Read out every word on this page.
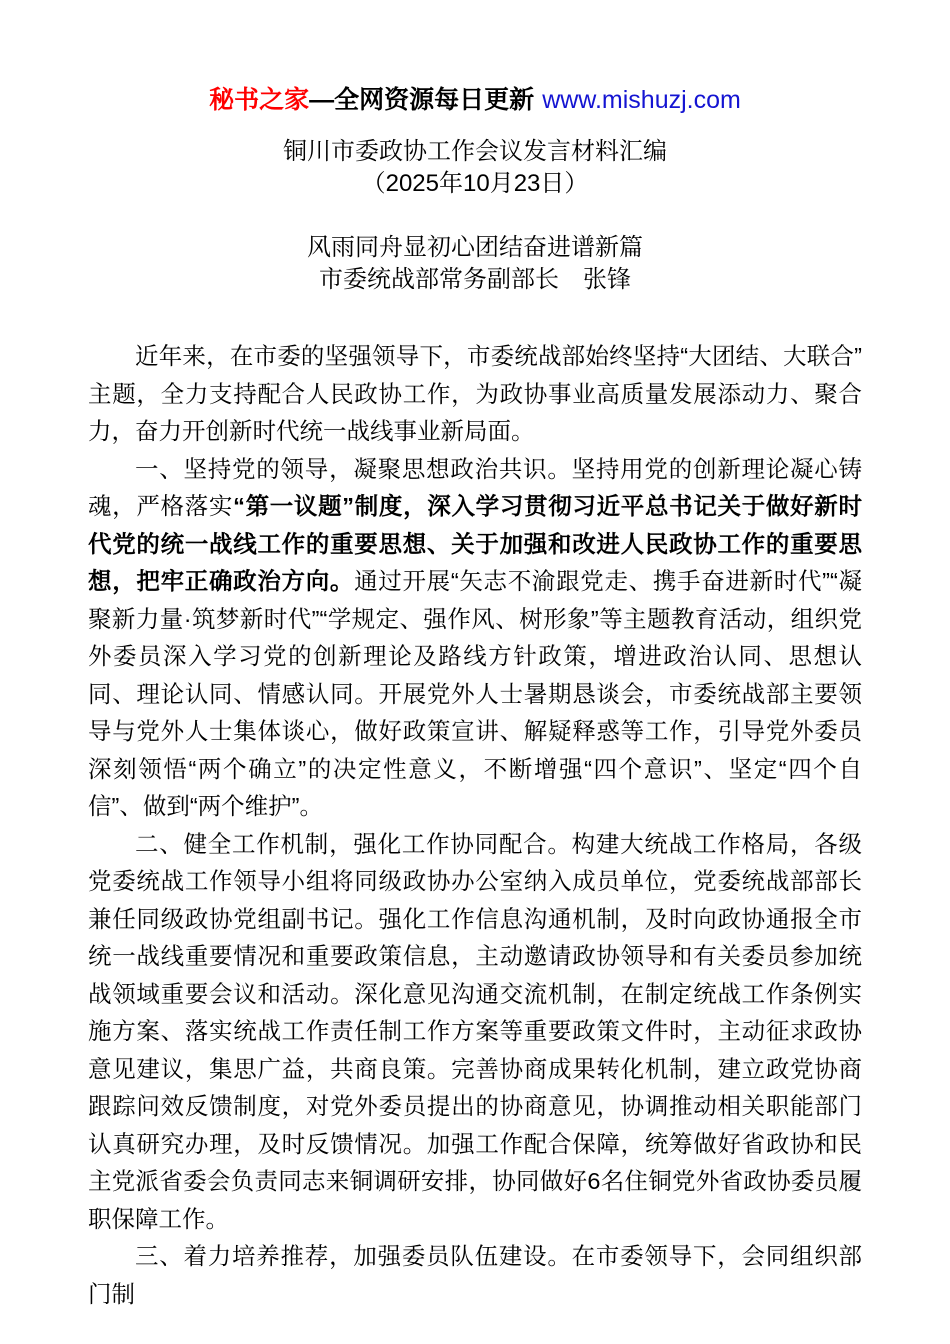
秘书之家—全网资源每日更新 www.mishuzj.com
铜川市委政协工作会议发言材料汇编
（2025年10月23日）
风雨同舟显初心团结奋进谱新篇
市委统战部常务副部长　张锋

近年来，在市委的坚强领导下，市委统战部始终坚持“大团结、大联合”主题，全力支持配合人民政协工作，为政协事业高质量发展添动力、聚合力，奋力开创新时代统一战线事业新局面。

一、坚持党的领导，凝聚思想政治共识。坚持用党的创新理论凝心铸魂，严格落实“第一议题”制度，深入学习贯彻习近平总书记关于做好新时代党的统一战线工作的重要思想、关于加强和改进人民政协工作的重要思想，把牢正确政治方向。通过开展“矢志不渝跟党走、携手奋进新时代”“凝聚新力量·筑梦新时代”“学规定、强作风、树形象”等主题教育活动，组织党外委员深入学习党的创新理论及路线方针政策，增进政治认同、思想认同、理论认同、情感认同。开展党外人士暑期恳谈会，市委统战部主要领导与党外人士集体谈心，做好政策宣讲、解疑释惑等工作，引导党外委员深刻领悟“两个确立”的决定性意义，不断增强“四个意识”、坚定“四个自信”、做到“两个维护”。

二、健全工作机制，强化工作协同配合。构建大统战工作格局，各级党委统战工作领导小组将同级政协办公室纳入成员单位，党委统战部部长兼任同级政协党组副书记。强化工作信息沟通机制，及时向政协通报全市统一战线重要情况和重要政策信息，主动邀请政协领导和有关委员参加统战领域重要会议和活动。深化意见沟通交流机制，在制定统战工作条例实施方案、落实统战工作责任制工作方案等重要政策文件时，主动征求政协意见建议，集思广益，共商良策。完善协商成果转化机制，建立政党协商跟踪问效反馈制度，对党外委员提出的协商意见，协调推动相关职能部门认真研究办理，及时反馈情况。加强工作配合保障，统筹做好省政协和民主党派省委会负责同志来铜调研安排，协同做好6名住铜党外省政协委员履职保障工作。

三、着力培养推荐，加强委员队伍建设。在市委领导下，会同组织部门制
